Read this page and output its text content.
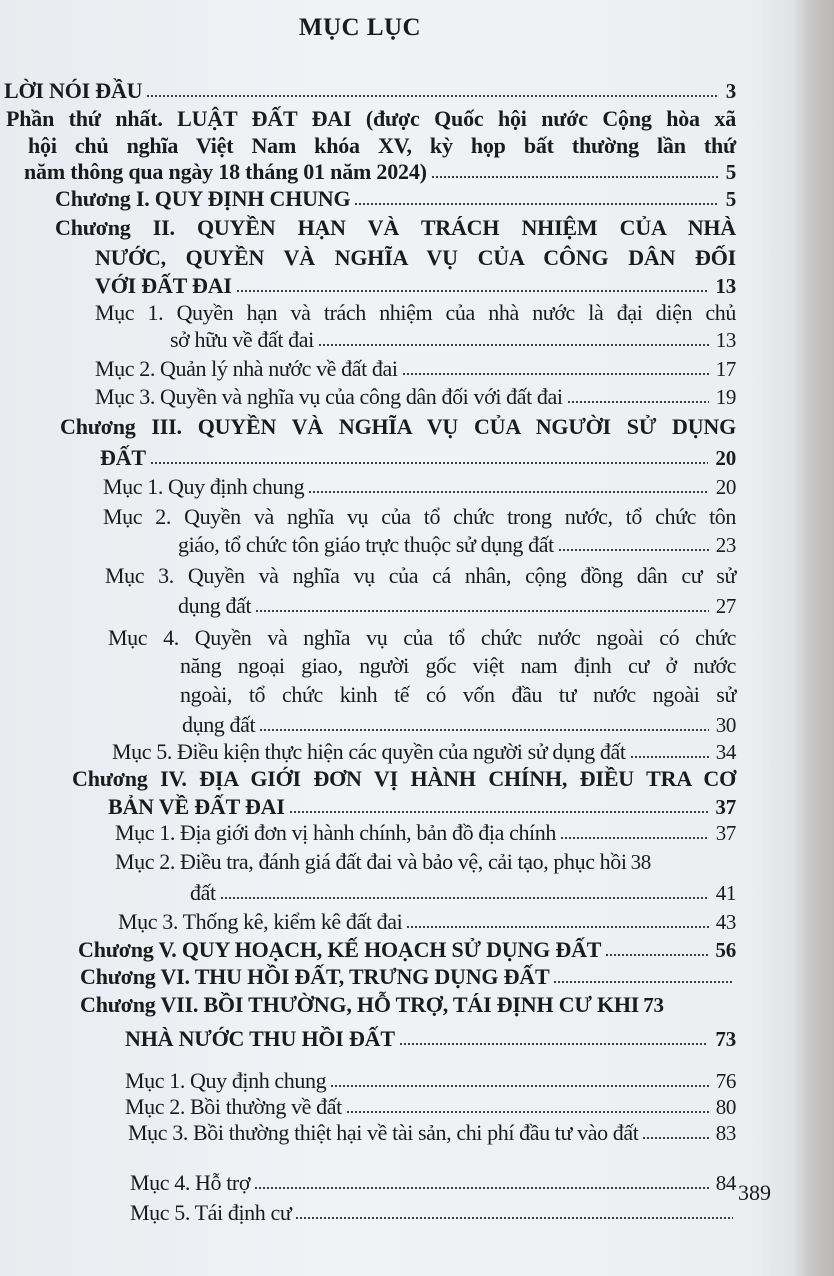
MỤC LỤC
LỜI NÓI ĐẦU	3
Phần thứ nhất. LUẬT ĐẤT ĐAI (được Quốc hội nước Cộng hòa xã
hội chủ nghĩa Việt Nam khóa XV, kỳ họp bất thường lần thứ
năm thông qua ngày 18 tháng 01 năm 2024)	5
Chương I. QUY ĐỊNH CHUNG	5
Chương II. QUYỀN HẠN VÀ TRÁCH NHIỆM CỦA NHÀ
NƯỚC, QUYỀN VÀ NGHĨA VỤ CỦA CÔNG DÂN ĐỐI
VỚI ĐẤT ĐAI	13
Mục 1. Quyền hạn và trách nhiệm của nhà nước là đại diện chủ
sở hữu về đất đai	13
Mục 2. Quản lý nhà nước về đất đai	17
Mục 3. Quyền và nghĩa vụ của công dân đối với đất đai	19
Chương III. QUYỀN VÀ NGHĨA VỤ CỦA NGƯỜI SỬ DỤNG
ĐẤT	20
Mục 1. Quy định chung	20
Mục 2. Quyền và nghĩa vụ của tổ chức trong nước, tổ chức tôn
giáo, tổ chức tôn giáo trực thuộc sử dụng đất	23
Mục 3. Quyền và nghĩa vụ của cá nhân, cộng đồng dân cư sử
dụng đất	27
Mục 4. Quyền và nghĩa vụ của tổ chức nước ngoài có chức
năng ngoại giao, người gốc việt nam định cư ở nước
ngoài, tổ chức kinh tế có vốn đầu tư nước ngoài sử
dụng đất	30
Mục 5. Điều kiện thực hiện các quyền của người sử dụng đất	34
Chương IV. ĐỊA GIỚI ĐƠN VỊ HÀNH CHÍNH, ĐIỀU TRA CƠ
BẢN VỀ ĐẤT ĐAI	37
Mục 1. Địa giới đơn vị hành chính, bản đồ địa chính	37
Mục 2. Điều tra, đánh giá đất đai và bảo vệ, cải tạo, phục hồi 38
đất	41
Mục 3. Thống kê, kiểm kê đất đai	43
Chương V. QUY HOẠCH, KẾ HOẠCH SỬ DỤNG ĐẤT	56
Chương VI. THU HỒI ĐẤT, TRƯNG DỤNG ĐẤT
Chương VII. BỒI THƯỜNG, HỖ TRỢ, TÁI ĐỊNH CƯ KHI 73
NHÀ NƯỚC THU HỒI ĐẤT	73
Mục 1. Quy định chung	76
Mục 2. Bồi thường về đất	80
Mục 3. Bồi thường thiệt hại về tài sản, chi phí đầu tư vào đất	83
Mục 4. Hỗ trợ	84
Mục 5. Tái định cư
389
